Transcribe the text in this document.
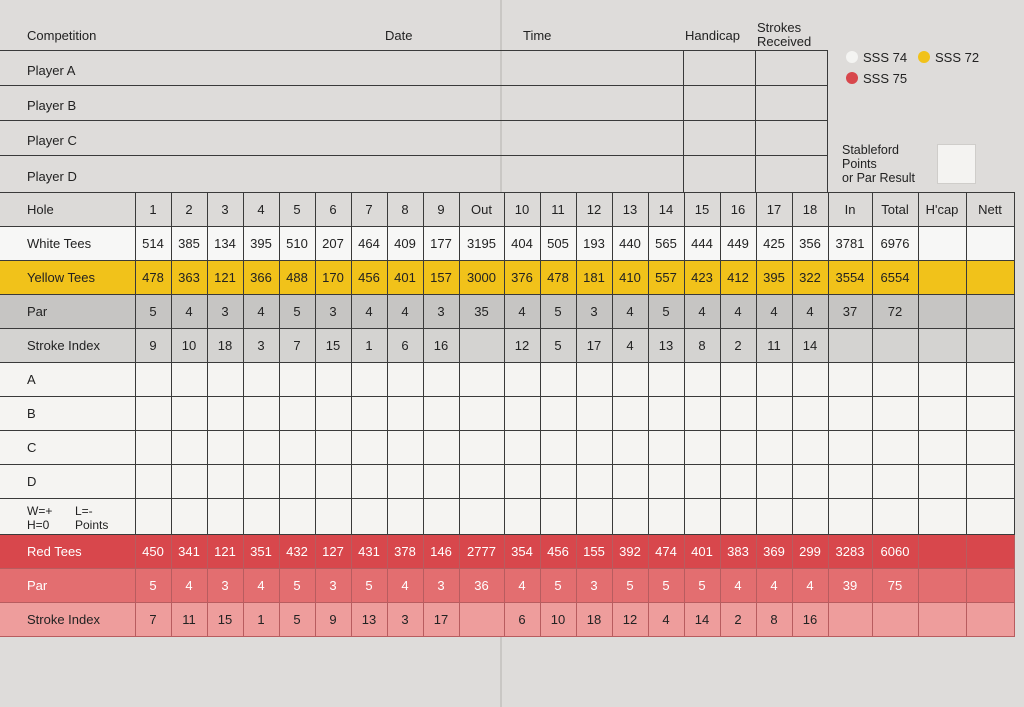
Competition	Date	Time	Handicap
Strokes
Received
Player A
Player B
Player C
Player D
SSS 74 SSS 72
SSS 75
Stableford
Points
or Par Result
Hole	1	2	3	4	5	6	7	8	9	Out	10	11	12	13	14	15	16	17	18	In	Total	H'cap	Nett
White Tees	514	385	134	395	510	207	464	409	177	3195	404	505	193	440	565	444	449	425	356	3781	6976		
Yellow Tees	478	363	121	366	488	170	456	401	157	3000	376	478	181	410	557	423	412	395	322	3554	6554		
Par	5	4	3	4	5	3	4	4	3	35	4	5	3	4	5	4	4	4	4	37	72		
Stroke Index	9	10	18	3	7	15	1	6	16		12	5	17	4	13	8	2	11	14				
A																							
B																							
C																							
D																							
W=+ L=-
H=0 Points																							
Red Tees	450	341	121	351	432	127	431	378	146	2777	354	456	155	392	474	401	383	369	299	3283	6060		
Par	5	4	3	4	5	3	5	4	3	36	4	5	3	5	5	5	4	4	4	39	75		
Stroke Index	7	11	15	1	5	9	13	3	17		6	10	18	12	4	14	2	8	16				
